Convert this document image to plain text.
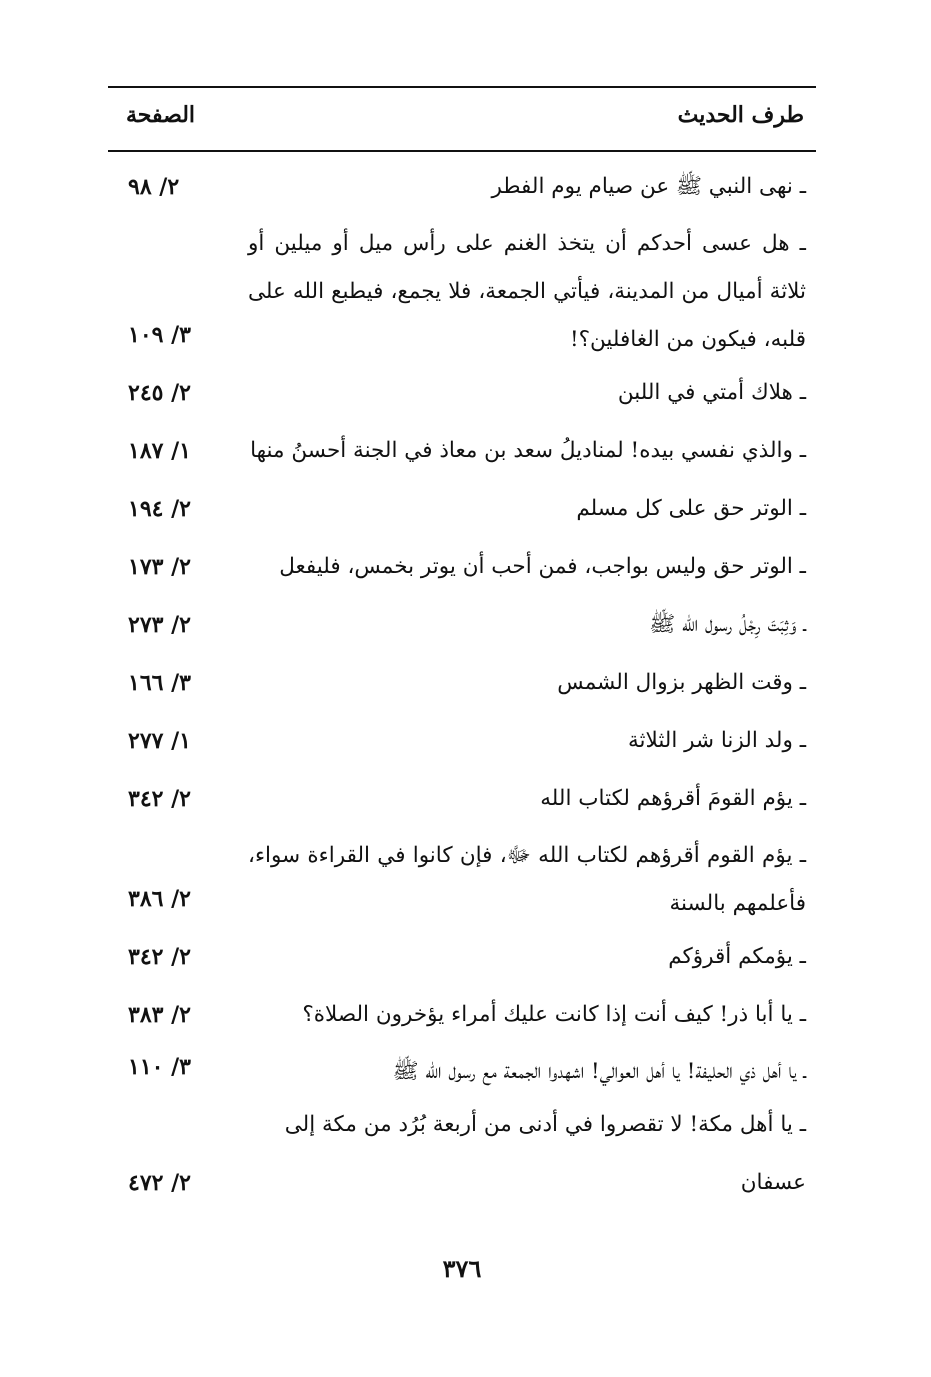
طرف الحديث
الصفحة
ـ نهى النبي ﷺ عن صيام يوم الفطر
٢/ ٩٨
ـ هل عسى أحدكم أن يتخذ الغنم على رأس ميل أو ميلين أو ثلاثة أميال من المدينة، فيأتي الجمعة، فلا يجمع، فيطبع الله على قلبه، فيكون من الغافلين؟!
٣/ ١٠٩
ـ هلاك أمتي في اللبن
٢/ ٢٤٥
ـ والذي نفسي بيده! لمناديلُ سعد بن معاذ في الجنة أحسنُ منها
١/ ١٨٧
ـ الوتر حق على كل مسلم
٢/ ١٩٤
ـ الوتر حق وليس بواجب، فمن أحب أن يوتر بخمس، فليفعل
٢/ ١٧٣
ـ وَثِبَتَ رِجْلُ رسول الله ﷺ
٢/ ٢٧٣
ـ وقت الظهر بزوال الشمس
٣/ ١٦٦
ـ ولد الزنا شر الثلاثة
١/ ٢٧٧
ـ يؤم القومَ أقرؤهم لكتاب الله
٢/ ٣٤٢
ـ يؤم القوم أقرؤهم لكتاب الله ﷻ، فإن كانوا في القراءة سواء، فأعلمهم بالسنة
٢/ ٣٨٦
ـ يؤمكم أقرؤكم
٢/ ٣٤٢
ـ يا أبا ذر! كيف أنت إذا كانت عليك أمراء يؤخرون الصلاة؟
٢/ ٣٨٣
ـ يا أهل ذي الحليفة! يا أهل العوالي! اشهدوا الجمعة مع رسول الله ﷺ
٣/ ١١٠
ـ يا أهل مكة! لا تقصروا في أدنى من أربعة بُرُد من مكة إلى عسفان
٢/ ٤٧٢
٣٧٦
